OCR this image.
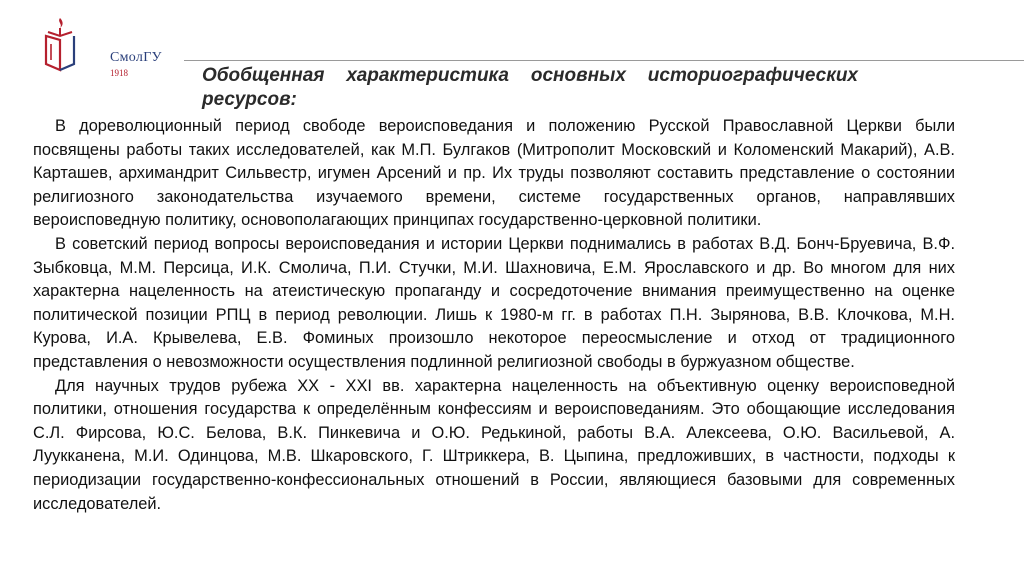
СмолГУ
1918	Обобщенная характеристика основных историографических ресурсов:

В дореволюционный период свободе вероисповедания и положению Русской Православной Церкви были посвящены работы таких исследователей, как М.П. Булгаков (Митрополит Московский и Коломенский Макарий), А.В. Карташев, архимандрит Сильвестр, игумен Арсений и пр. Их труды позволяют составить представление о состоянии религиозного законодательства изучаемого времени, системе государственных органов, направлявших вероисповедную политику, основополагающих принципах государственно-церковной политики.

В советский период вопросы вероисповедания и истории Церкви поднимались в работах В.Д. Бонч-Бруевича, В.Ф. Зыбковца, М.М. Персица, И.К. Смолича, П.И. Стучки, М.И. Шахновича, Е.М. Ярославского и др. Во многом для них характерна нацеленность на атеистическую пропаганду и сосредоточение внимания преимущественно на оценке политической позиции РПЦ в период революции. Лишь к 1980-м гг. в работах П.Н. Зырянова, В.В. Клочкова, М.Н. Курова, И.А. Крывелева, Е.В. Фоминых произошло некоторое переосмысление и отход от традиционного представления о невозможности осуществления подлинной религиозной свободы в буржуазном обществе.

Для научных трудов рубежа XX - XXI вв. характерна нацеленность на объективную оценку вероисповедной политики, отношения государства к определённым конфессиям и вероисповеданиям. Это обощающие исследования С.Л. Фирсова, Ю.С. Белова, В.К. Пинкевича и О.Ю. Редькиной, работы В.А. Алексеева, О.Ю. Васильевой, А. Луукканена, М.И. Одинцова, М.В. Шкаровского, Г. Штриккера, В. Цыпина, предложивших, в частности, подходы к периодизации государственно-конфессиональных отношений в России, являющиеся базовыми для современных исследователей.
